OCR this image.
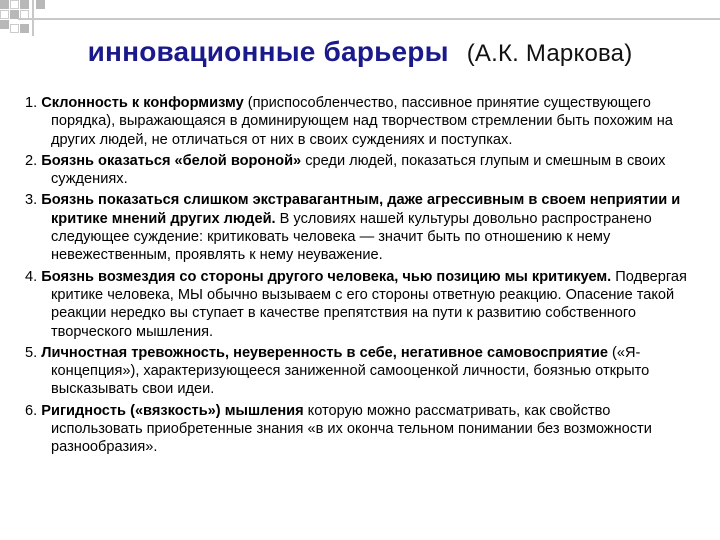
инновационные барьеры (А.К. Маркова)

1. Склонность к конформизму (приспособленчество, пассивное принятие существующего порядка), выражающаяся в доминирующем над творчеством стремлении быть похожим на других людей, не отличаться от них в своих суждениях и поступках.

2. Боязнь оказаться «белой вороной» среди людей, показаться глупым и смешным в своих суждениях.

3. Боязнь показаться слишком экстравагантным, даже агрессивным в своем неприятии и критике мнений других людей. В условиях нашей культуры довольно распространено следующее суждение: критиковать человека — значит быть по отношению к нему невежественным, проявлять к нему неуважение.

4. Боязнь возмездия со стороны другого человека, чью позицию мы критикуем. Подвергая критике человека, МЫ обычно вызываем с его стороны ответную реакцию. Опасение такой реакции нередко вы ступает в качестве препятствия на пути к развитию собственного творческого мышления.

5. Личностная тревожность, неуверенность в себе, негативное самовосприятие («Я-концепция»), характеризующееся заниженной самооценкой личности, боязнью открыто высказывать свои идеи.

6. Ригидность («вязкость») мышления которую можно рассматривать, как свойство использовать приобретенные знания «в их оконча тельном понимании без возможности разнообразия».
